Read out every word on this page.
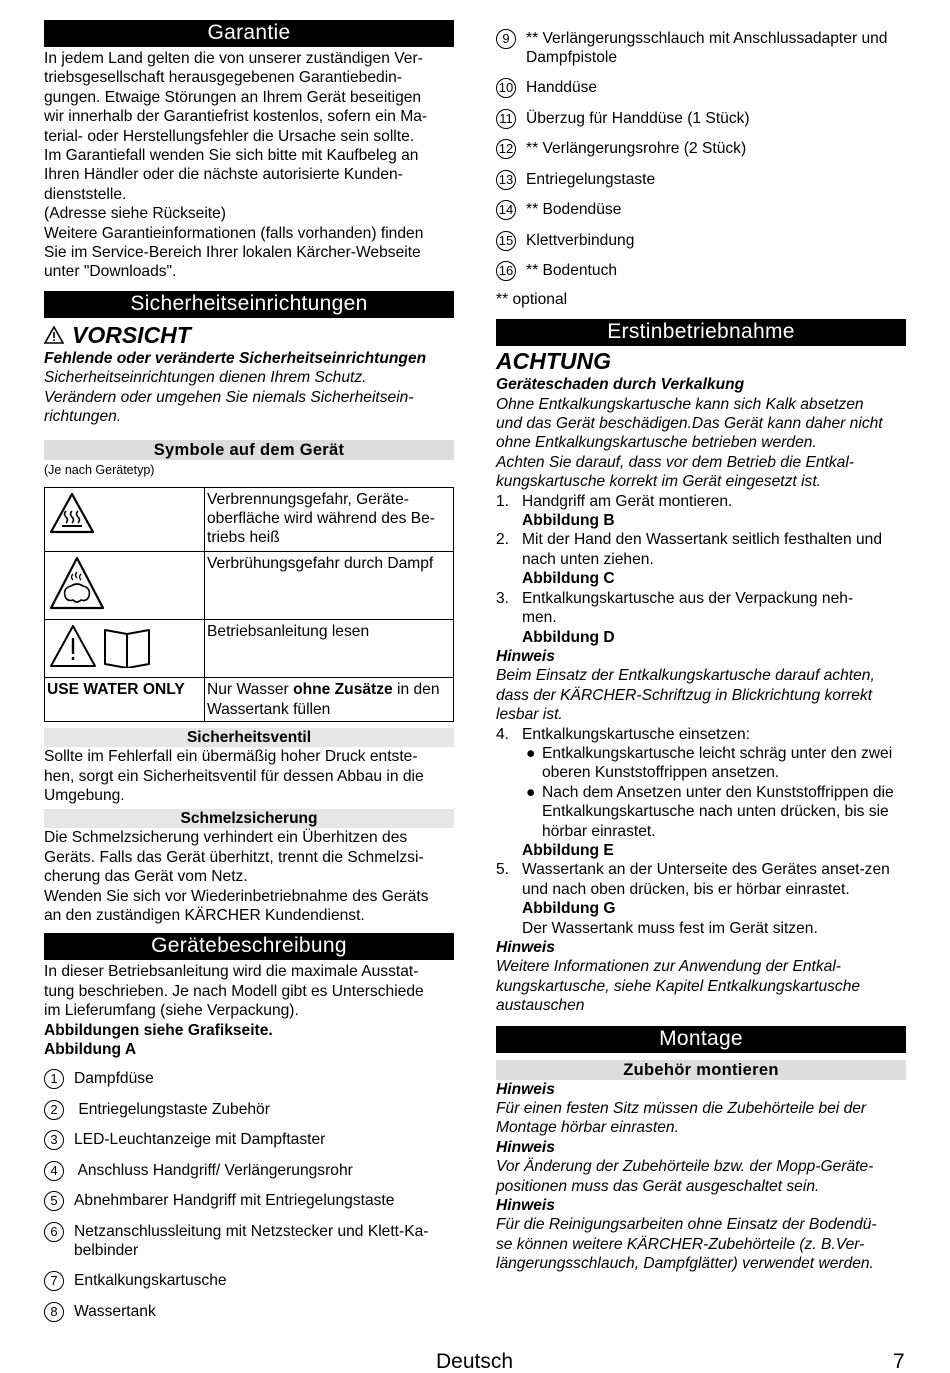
Garantie
In jedem Land gelten die von unserer zuständigen Ver-
triebsgesellschaft herausgegebenen Garantiebedin-
gungen. Etwaige Störungen an Ihrem Gerät beseitigen
wir innerhalb der Garantiefrist kostenlos, sofern ein Ma-
terial- oder Herstellungsfehler die Ursache sein sollte.
Im Garantiefall wenden Sie sich bitte mit Kaufbeleg an
Ihren Händler oder die nächste autorisierte Kunden-
dienststelle.
(Adresse siehe Rückseite)
Weitere Garantieinformationen (falls vorhanden) finden
Sie im Service-Bereich Ihrer lokalen Kärcher-Webseite
unter "Downloads".
Sicherheitseinrichtungen
VORSICHT
Fehlende oder veränderte Sicherheitseinrichtungen
Sicherheitseinrichtungen dienen Ihrem Schutz.
Verändern oder umgehen Sie niemals Sicherheitsein-
richtungen.
Symbole auf dem Gerät
(Je nach Gerätetyp)
	Verbrennungsgefahr, Geräte-oberfläche wird während des Be-triebs heiß
	Verbrühungsgefahr durch Dampf
	Betriebsanleitung lesen
USE WATER ONLY	Nur Wasser ohne Zusätze in den Wassertank füllen
Sicherheitsventil
Sollte im Fehlerfall ein übermäßig hoher Druck entste-
hen, sorgt ein Sicherheitsventil für dessen Abbau in die
Umgebung.
Schmelzsicherung
Die Schmelzsicherung verhindert ein Überhitzen des
Geräts. Falls das Gerät überhitzt, trennt die Schmelzsi-
cherung das Gerät vom Netz.
Wenden Sie sich vor Wiederinbetriebnahme des Geräts
an den zuständigen KÄRCHER Kundendienst.
Gerätebeschreibung
In dieser Betriebsanleitung wird die maximale Ausstat-
tung beschrieben. Je nach Modell gibt es Unterschiede
im Lieferumfang (siehe Verpackung).
Abbildungen siehe Grafikseite.
Abbildung A
1	Dampfdüse
2	Entriegelungstaste Zubehör
3	LED-Leuchtanzeige mit Dampftaster
4	Anschluss Handgriff/ Verlängerungsrohr
5	Abnehmbarer Handgriff mit Entriegelungstaste
6	Netzanschlussleitung mit Netzstecker und Klett-Ka-belbinder
7	Entkalkungskartusche
8	Wassertank
9	** Verlängerungsschlauch mit Anschlussadapter und Dampfpistole
10 Handdüse
11 Überzug für Handdüse (1 Stück)
12 ** Verlängerungsrohre (2 Stück)
13 Entriegelungstaste
14 ** Bodendüse
15 Klettverbindung
16 ** Bodentuch
** optional
Erstinbetriebnahme
ACHTUNG
Geräteschaden durch Verkalkung
Ohne Entkalkungskartusche kann sich Kalk absetzen
und das Gerät beschädigen.Das Gerät kann daher nicht
ohne Entkalkungskartusche betrieben werden.
Achten Sie darauf, dass vor dem Betrieb die Entkal-
kungskartusche korrekt im Gerät eingesetzt ist.
1. Handgriff am Gerät montieren.
Abbildung B
2. Mit der Hand den Wassertank seitlich festhalten und nach unten ziehen.
Abbildung C
3. Entkalkungskartusche aus der Verpackung neh-men.
Abbildung D
Hinweis
Beim Einsatz der Entkalkungskartusche darauf achten,
dass der KÄRCHER-Schriftzug in Blickrichtung korrekt
lesbar ist.
4. Entkalkungskartusche einsetzen:
● Entkalkungskartusche leicht schräg unter den zwei oberen Kunststoffrippen ansetzen.
● Nach dem Ansetzen unter den Kunststoffrippen die Entkalkungskartusche nach unten drücken, bis sie hörbar einrastet.
Abbildung E
5. Wassertank an der Unterseite des Gerätes anset-zen und nach oben drücken, bis er hörbar einrastet.
Abbildung G
Der Wassertank muss fest im Gerät sitzen.
Hinweis
Weitere Informationen zur Anwendung der Entkal-
kungskartusche, siehe Kapitel Entkalkungskartusche
austauschen
Montage
Zubehör montieren
Hinweis
Für einen festen Sitz müssen die Zubehörteile bei der
Montage hörbar einrasten.
Hinweis
Vor Änderung der Zubehörteile bzw. der Mopp-Geräte-
positionen muss das Gerät ausgeschaltet sein.
Hinweis
Für die Reinigungsarbeiten ohne Einsatz der Bodendü-
se können weitere KÄRCHER-Zubehörteile (z. B.Ver-
längerungsschlauch, Dampfglätter) verwendet werden.
Deutsch	7
